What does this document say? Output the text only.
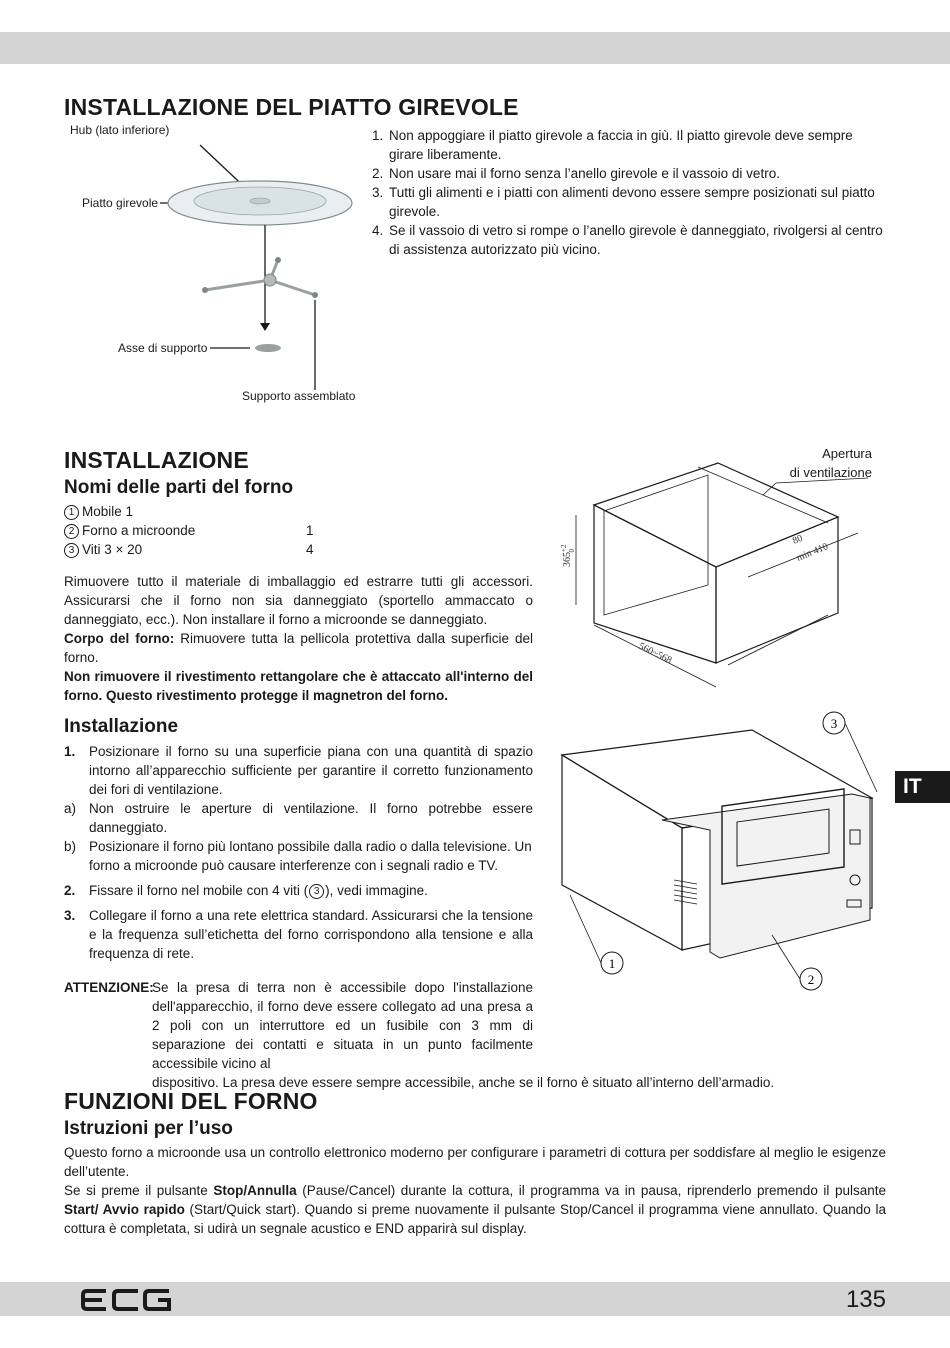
INSTALLAZIONE DEL PIATTO GIREVOLE
Hub (lato inferiore)
Piatto girevole
Asse di supporto
Supporto assemblato
1. Non appoggiare il piatto girevole a faccia in giù. Il piatto girevole deve sempre girare liberamente.
2. Non usare mai il forno senza l’anello girevole e il vassoio di vetro.
3. Tutti gli alimenti e i piatti con alimenti devono essere sempre posizionati sul piatto girevole.
4. Se il vassoio di vetro si rompe o l’anello girevole è danneggiato, rivolgersi al centro di assistenza autorizzato più vicino.
INSTALLAZIONE
Nomi delle parti del forno
1 Mobile 1
2 Forno a microonde	1
3 Viti 3 × 20	4
Rimuovere tutto il materiale di imballaggio ed estrarre tutti gli accessori. Assicurarsi che il forno non sia danneggiato (sportello ammaccato o danneggiato, ecc.). Non installare il forno a microonde se danneggiato.
Corpo del forno: Rimuovere tutta la pellicola protettiva dalla superficie del forno.
Non rimuovere il rivestimento rettangolare che è attaccato all'interno del forno. Questo rivestimento protegge il magnetron del forno.
Installazione
1. Posizionare il forno su una superficie piana con una quantità di spazio intorno all’apparecchio sufficiente per garantire il corretto funzionamento dei fori di ventilazione.
a) Non ostruire le aperture di ventilazione. Il forno potrebbe essere danneggiato.
b) Posizionare il forno più lontano possibile dalla radio o dalla televisione. Un forno a microonde può causare interferenze con i segnali radio e TV.
2. Fissare il forno nel mobile con 4 viti ( 3 ), vedi immagine.
3. Collegare il forno a una rete elettrica standard. Assicurarsi che la tensione e la frequenza sull’etichetta del forno corrispondono alla tensione e alla frequenza di rete.
ATTENZIONE:
Se la presa di terra non è accessibile dopo l'installazione dell'apparecchio, il forno deve essere collegato ad una presa a 2 poli con un interruttore ed un fusibile con 3 mm di separazione dei contatti e situata in un punto facilmente accessibile vicino al
dispositivo. La presa deve essere sempre accessibile, anche se il forno è situato all’interno dell’armadio.
Apertura
di ventilazione
$365^{+2}0$
560~568
80
min 410
3
1
2
IT
FUNZIONI DEL FORNO
Istruzioni per l’uso
Questo forno a microonde usa un controllo elettronico moderno per configurare i parametri di cottura per soddisfare al meglio le esigenze dell’utente.
Se si preme il pulsante Stop/Annulla (Pause/Cancel) durante la cottura, il programma va in pausa, riprenderlo premendo il pulsante Start/ Avvio rapido (Start/Quick start). Quando si preme nuovamente il pulsante Stop/Cancel il programma viene annullato. Quando la cottura è completata, si udirà un segnale acustico e END apparirà sul display.
135
